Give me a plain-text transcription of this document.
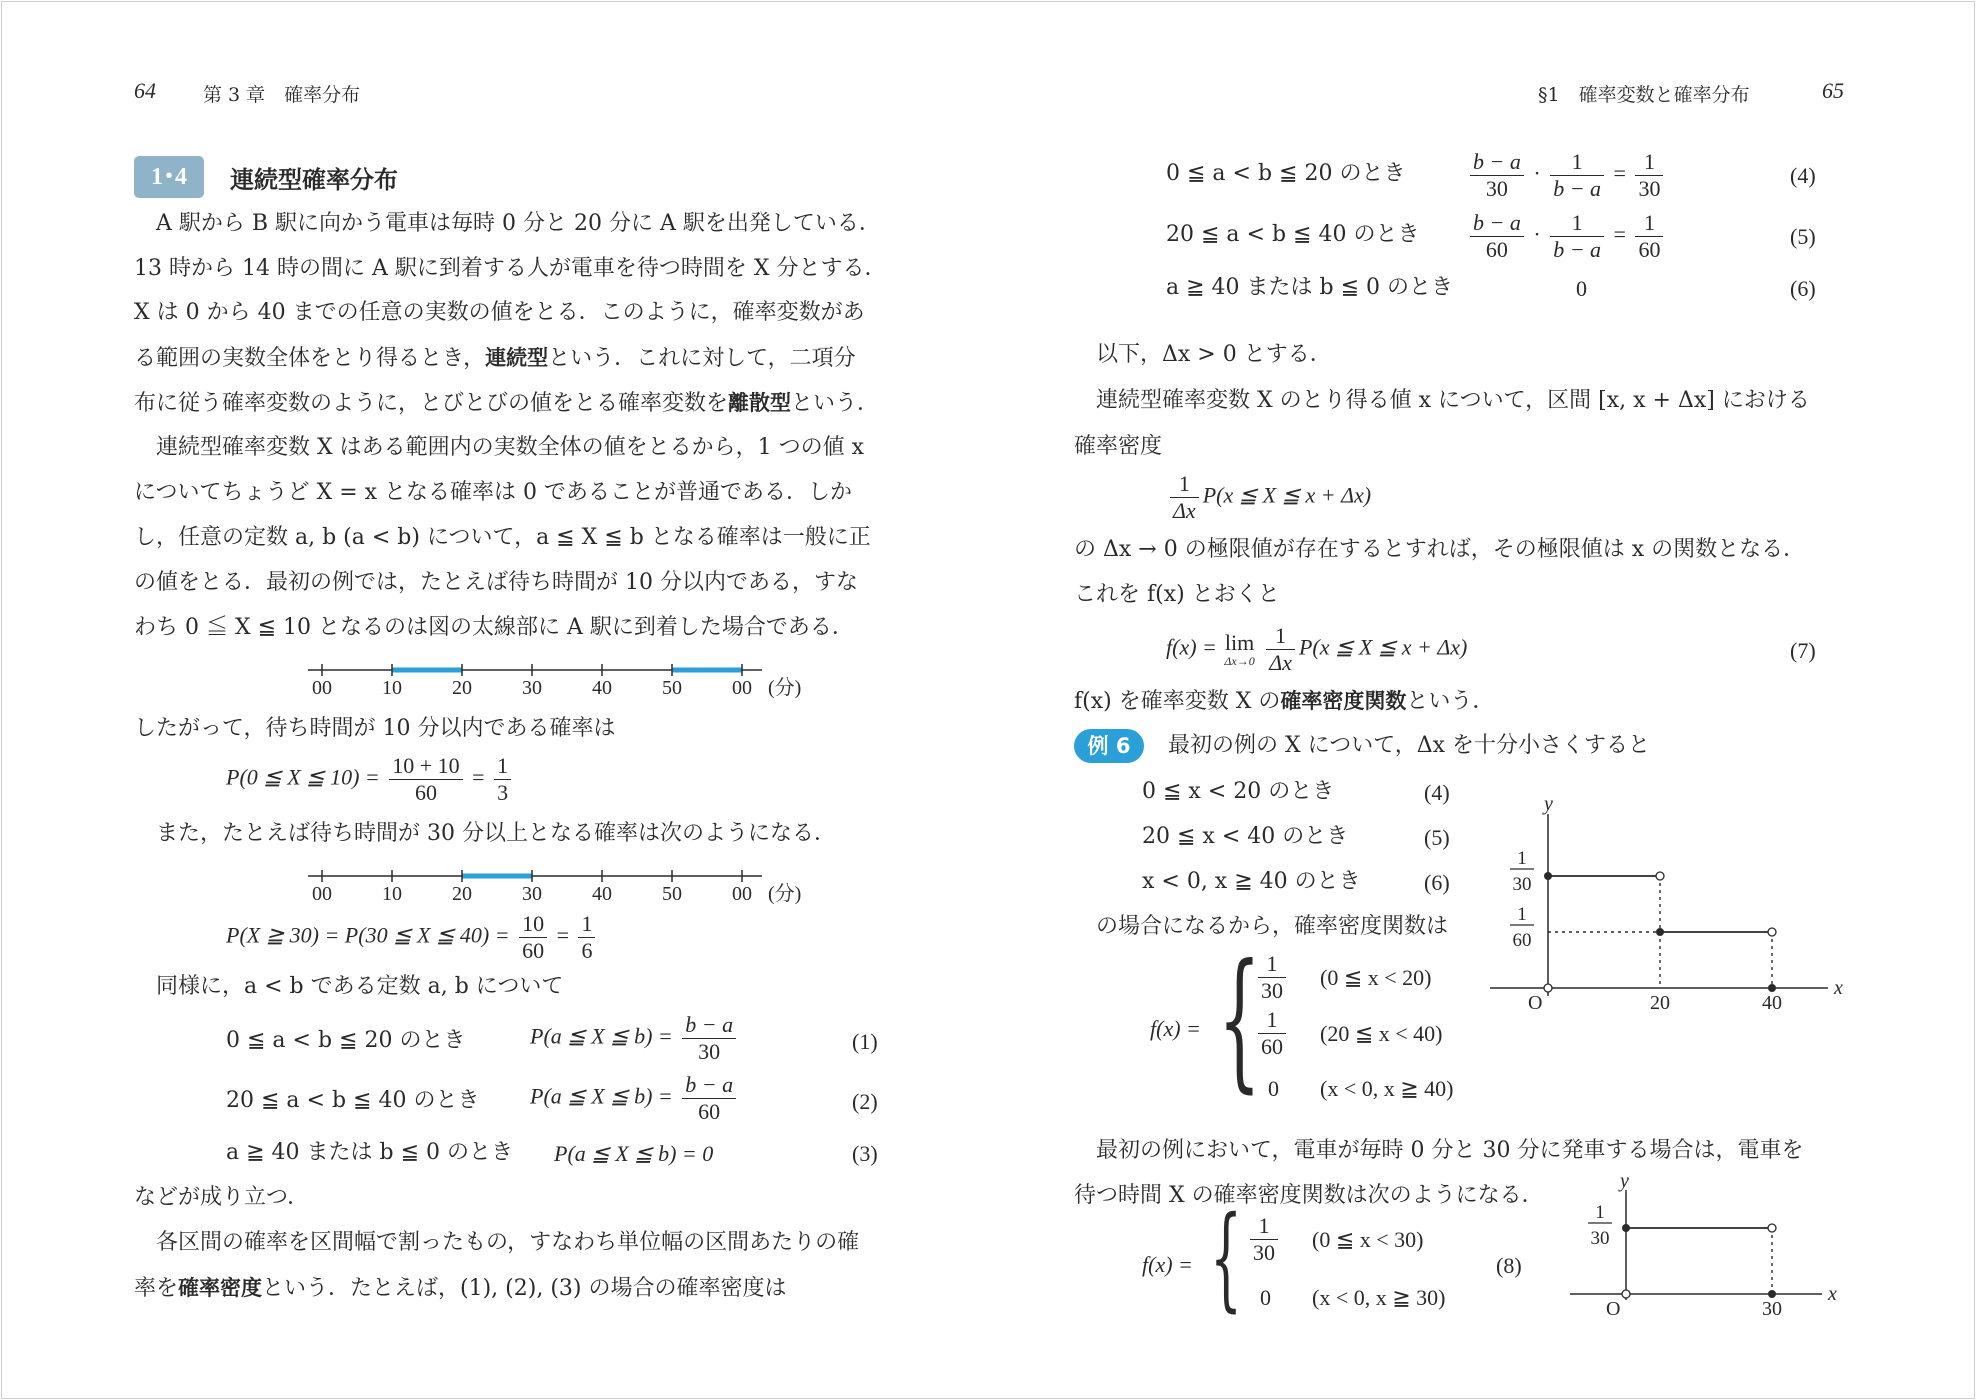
64 第 3 章　確率分布	§1　確率変数と確率分布	65
1･4	連続型確率分布
A 駅から B 駅に向かう電車は毎時 0 分と 20 分に A 駅を出発している．
13 時から 14 時の間に A 駅に到着する人が電車を待つ時間を X 分とする．
X は 0 から 40 までの任意の実数の値をとる．このように，確率変数があ
る範囲の実数全体をとり得るとき，連続型という．これに対して，二項分
布に従う確率変数のように，とびとびの値をとる確率変数を離散型という．
連続型確率変数 X はある範囲内の実数全体の値をとるから，1 つの値 x
についてちょうど X = x となる確率は 0 であることが普通である．しか
し，任意の定数 a, b (a < b) について，a ≦ X ≦ b となる確率は一般に正
の値をとる．最初の例では，たとえば待ち時間が 10 分以内である，すな
わち 0 ≦ X ≦ 10 となるのは図の太線部に A 駅に到着した場合である．
00	10	20	30	40	50	00 (分)
したがって，待ち時間が 10 分以内である確率は
P(0 ≦ X ≦ $10) = \frac{10 + 10}{60} = \frac{1}{3}$
また，たとえば待ち時間が 30 分以上となる確率は次のようになる．
00	10	20	30	40	50	00 (分)
P(X ≧ 30) = P(30 ≦ X ≦ $40) = \frac{10}{60} = \frac{1}{6}$
同様に，a < b である定数 a, b について
0 ≦ a < b ≦ 20 のとき	P(a ≦ X ≦ $b) = \frac{b - a}{30}$	(1)
20 ≦ a < b ≦ 40 のとき P(a ≦ X ≦ $b) = \frac{b - a}{60}$	(2)
a ≧ 40 または b ≦ 0 のとき P(a ≦ X ≦ b) = 0	(3)
などが成り立つ．
各区間の確率を区間幅で割ったもの，すなわち単位幅の区間あたりの確
率を確率密度という．たとえば，(1), (2), (3) の場合の確率密度は
0 ≦ a < b ≦ 20 のとき	$\frac{b - a}{30} \cdot \frac{1}{b - a} = \frac{1}{30}$	(4)
20 ≦ a < b ≦ 40 のとき $\frac{b - a}{60} \cdot \frac{1}{b - a} = \frac{1}{60}$	(5)
a ≧ 40 または b ≦ 0 のとき	0	(6)
以下，Δx > 0 とする．
連続型確率変数 X のとり得る値 x について，区間 [x, x + Δx] における
確率密度
$\frac{1}{\Delta x} P(x$ ≦ X ≦ x + Δx)
の Δx → 0 の極限値が存在するとすれば，その極限値は x の関数となる．
これを f(x) とおくと
f(x) = lim
Δx→0
$\frac{1}{\Delta x} P(x$ ≦ X ≦ x + Δx)	(7)
f(x) を確率変数 X の確率密度関数という．
例 6	最初の例の X について，Δx を十分小さくすると
0 ≦ x < 20 のとき	(4)
20 ≦ x < 40 のとき	(5)
x < 0, x ≧ 40 のとき	(6)
の場合になるから，確率密度関数は
f(x) = {
$\frac{1}{30} (0$ ≦ x < 20)
$\frac{1}{60} (20$ ≦ x < 40)
0 (x < 0, x ≧ 40)
y
x
O	20	40
1
30
1
60
最初の例において，電車が毎時 0 分と 30 分に発車する場合は，電車を
待つ時間 X の確率密度関数は次のようになる．
f(x) = { $\frac{1}{30} (0$ ≦ x < 30)
0 (x < 0, x ≧ 30)
(8)
y
x
O	30
1
30
